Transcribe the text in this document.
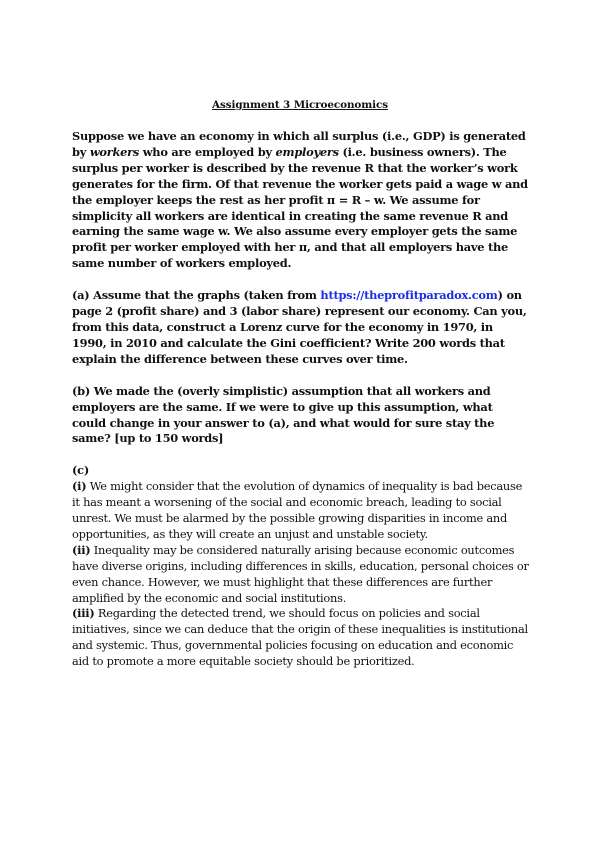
Assignment 3 Microeconomics

Suppose we have an economy in which all surplus (i.e., GDP) is generated by workers who are employed by employers (i.e. business owners). The surplus per worker is described by the revenue R that the worker’s work generates for the firm. Of that revenue the worker gets paid a wage w and the employer keeps the rest as her profit π = R – w. We assume for simplicity all workers are identical in creating the same revenue R and earning the same wage w. We also assume every employer gets the same profit per worker employed with her π, and that all employers have the same number of workers employed.

(a) Assume that the graphs (taken from https://theprofitparadox.com) on page 2 (profit share) and 3 (labor share) represent our economy. Can you, from this data, construct a Lorenz curve for the economy in 1970, in 1990, in 2010 and calculate the Gini coefficient? Write 200 words that explain the difference between these curves over time.

(b) We made the (overly simplistic) assumption that all workers and employers are the same. If we were to give up this assumption, what could change in your answer to (a), and what would for sure stay the same? [up to 150 words]

(c)

(i) We might consider that the evolution of dynamics of inequality is bad because it has meant a worsening of the social and economic breach, leading to social unrest. We must be alarmed by the possible growing disparities in income and opportunities, as they will create an unjust and unstable society.

(ii) Inequality may be considered naturally arising because economic outcomes have diverse origins, including differences in skills, education, personal choices or even chance. However, we must highlight that these differences are further amplified by the economic and social institutions.

(iii) Regarding the detected trend, we should focus on policies and social initiatives, since we can deduce that the origin of these inequalities is institutional and systemic. Thus, governmental policies focusing on education and economic aid to promote a more equitable society should be prioritized.
